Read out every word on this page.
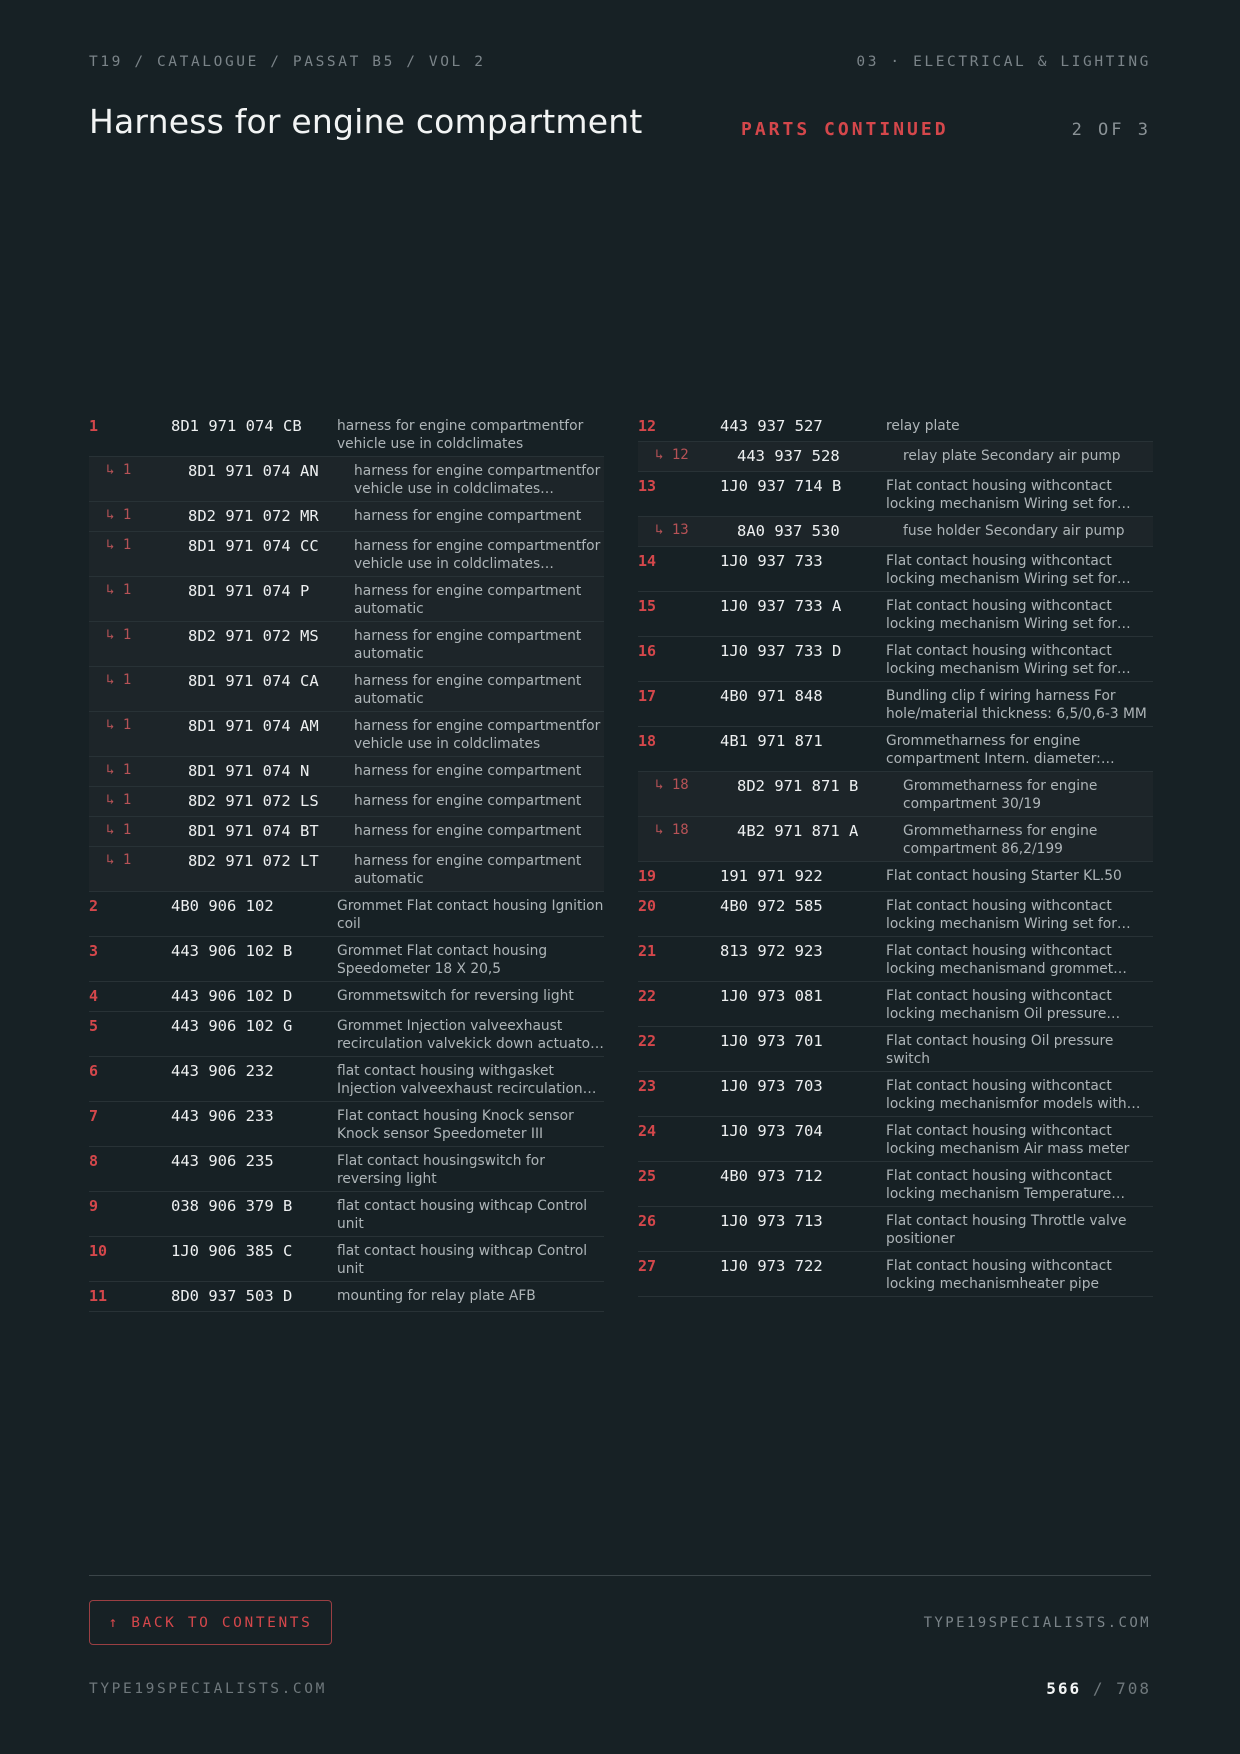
T19 / CATALOGUE / PASSAT B5 / VOL 2	03 · ELECTRICAL & LIGHTING
Harness for engine compartment	PARTS CONTINUED	2 OF 3
1	8D1 971 074 CB	harness for engine compartmentfor vehicle use in coldclimates
↳ 1	8D1 971 074 AN	harness for engine compartmentfor vehicle use in coldclimates…
↳ 1	8D2 971 072 MR	harness for engine compartment
↳ 1	8D1 971 074 CC	harness for engine compartmentfor vehicle use in coldclimates…
↳ 1	8D1 971 074 P	harness for engine compartment automatic
↳ 1	8D2 971 072 MS	harness for engine compartment automatic
↳ 1	8D1 971 074 CA	harness for engine compartment automatic
↳ 1	8D1 971 074 AM	harness for engine compartmentfor vehicle use in coldclimates
↳ 1	8D1 971 074 N	harness for engine compartment
↳ 1	8D2 971 072 LS	harness for engine compartment
↳ 1	8D1 971 074 BT	harness for engine compartment
↳ 1	8D2 971 072 LT	harness for engine compartment automatic
2	4B0 906 102	Grommet Flat contact housing Ignition coil
3	443 906 102 B	Grommet Flat contact housing Speedometer 18 X 20,5
4	443 906 102 D	Grommetswitch for reversing light
5	443 906 102 G	Grommet Injection valveexhaust recirculation valvekick down actuato…
6	443 906 232	flat contact housing withgasket Injection valveexhaust recirculation…
7	443 906 233	Flat contact housing Knock sensor Knock sensor Speedometer III
8	443 906 235	Flat contact housingswitch for reversing light
9	038 906 379 B	flat contact housing withcap Control unit
10	1J0 906 385 C	flat contact housing withcap Control unit
11	8D0 937 503 D	mounting for relay plate AFB
12	443 937 527	relay plate
↳ 12	443 937 528	relay plate Secondary air pump
13	1J0 937 714 B	Flat contact housing withcontact locking mechanism Wiring set for…
↳ 13	8A0 937 530	fuse holder Secondary air pump
14	1J0 937 733	Flat contact housing withcontact locking mechanism Wiring set for…
15	1J0 937 733 A	Flat contact housing withcontact locking mechanism Wiring set for…
16	1J0 937 733 D	Flat contact housing withcontact locking mechanism Wiring set for…
17	4B0 971 848	Bundling clip f wiring harness For hole/material thickness: 6,5/0,6-3 MM
18	4B1 971 871	Grommetharness for engine compartment Intern. diameter:…
↳ 18	8D2 971 871 B	Grommetharness for engine compartment 30/19
↳ 18	4B2 971 871 A	Grommetharness for engine compartment 86,2/199
19	191 971 922	Flat contact housing Starter KL.50
20	4B0 972 585	Flat contact housing withcontact locking mechanism Wiring set for…
21	813 972 923	Flat contact housing withcontact locking mechanismand grommet…
22	1J0 973 081	Flat contact housing withcontact locking mechanism Oil pressure…
22	1J0 973 701	Flat contact housing Oil pressure switch
23	1J0 973 703	Flat contact housing withcontact locking mechanismfor models with
24	1J0 973 704	Flat contact housing withcontact locking mechanism Air mass meter
25	4B0 973 712	Flat contact housing withcontact locking mechanism Temperature…
26	1J0 973 713	Flat contact housing Throttle valve positioner
27	1J0 973 722	Flat contact housing withcontact locking mechanismheater pipe
↑ BACK TO CONTENTS	TYPE19SPECIALISTS.COM
TYPE19SPECIALISTS.COM	566 / 708
